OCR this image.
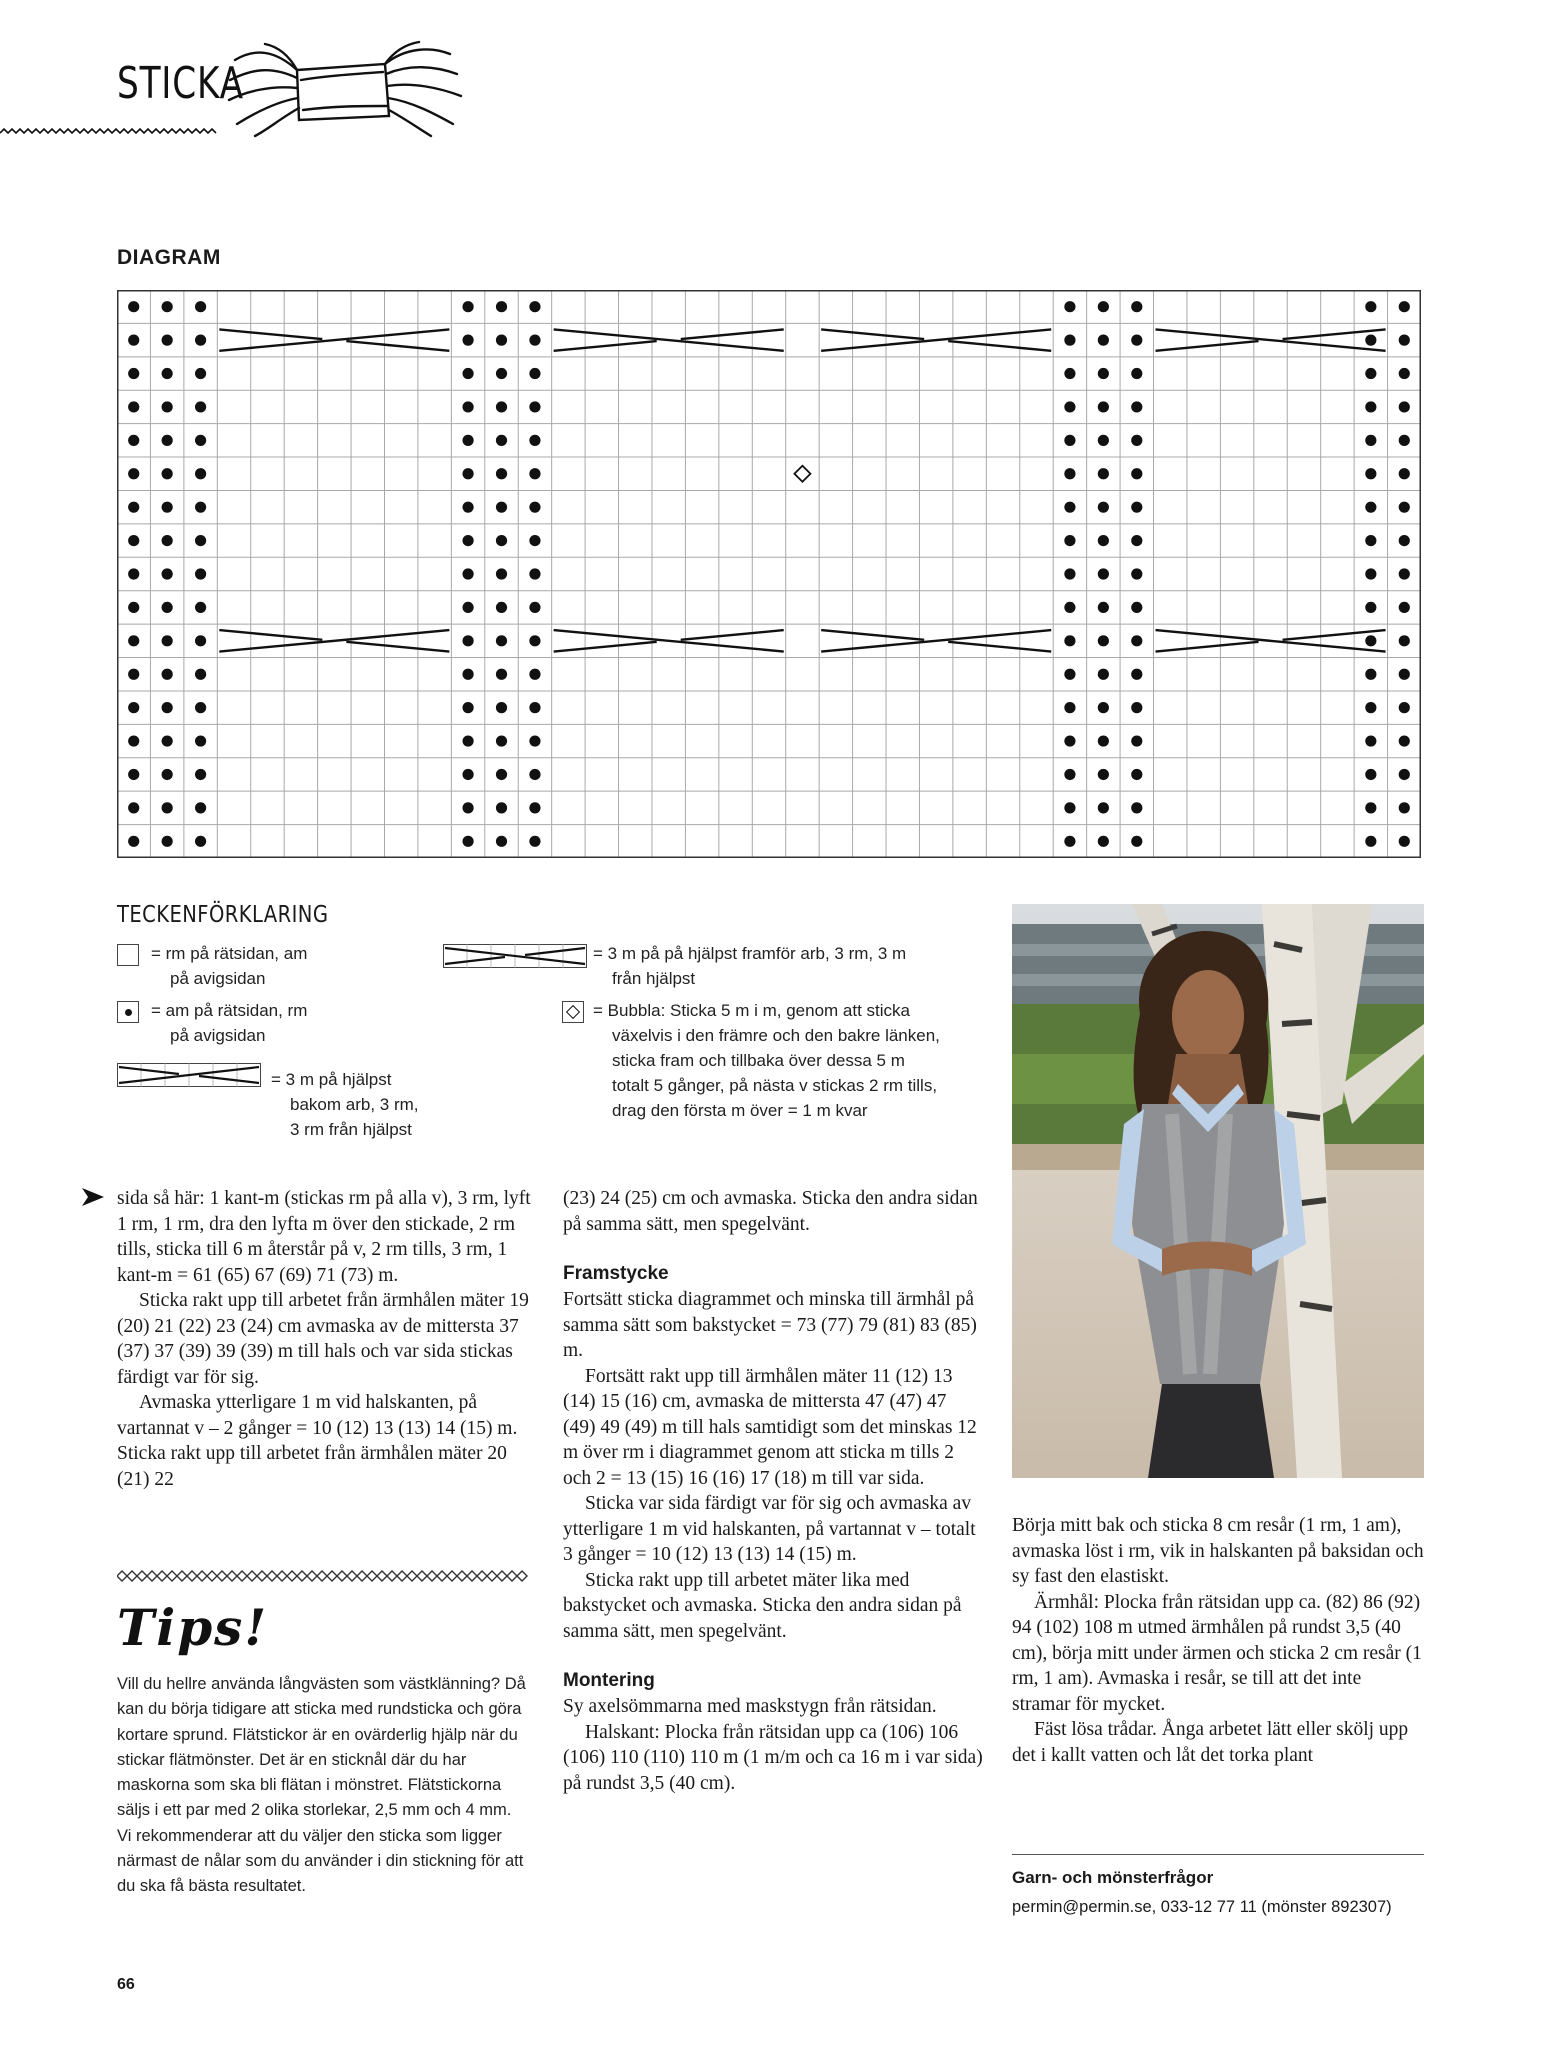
STICKA
DIAGRAM
TECKENFÖRKLARING
= rm på rätsidan, am
på avigsidan
= am på rätsidan, rm
på avigsidan
= 3 m på hjälpst
bakom arb, 3 rm,
3 rm från hjälpst
= 3 m på på hjälpst framför arb, 3 rm, 3 m
från hjälpst
= Bubbla: Sticka 5 m i m, genom att sticka
växelvis i den främre och den bakre länken,
sticka fram och tillbaka över dessa 5 m
totalt 5 gånger, på nästa v stickas 2 rm tills,
drag den första m över = 1 m kvar

sida så här: 1 kant-m (stickas rm på alla v), 3 rm, lyft 1 rm, 1 rm, dra den lyfta m över den stickade, 2 rm tills, sticka till 6 m återstår på v, 2 rm tills, 3 rm, 1 kant-m = 61 (65) 67 (69) 71 (73) m.

Sticka rakt upp till arbetet från ärmhålen mäter 19 (20) 21 (22) 23 (24) cm avmaska av de mittersta 37 (37) 37 (39) 39 (39) m till hals och var sida stickas färdigt var för sig.

Avmaska ytterligare 1 m vid halskanten, på vartannat v – 2 gånger = 10 (12) 13 (13) 14 (15) m. Sticka rakt upp till arbetet från ärmhålen mäter 20 (21) 22

Tips!
Vill du hellre använda långvästen som västklänning? Då kan du börja tidigare att sticka med rundsticka och göra kortare sprund. Flätstickor är en ovärderlig hjälp när du stickar flätmönster. Det är en sticknål där du har maskorna som ska bli flätan i mönstret. Flätstickorna säljs i ett par med 2 olika storlekar, 2,5 mm och 4 mm. Vi rekommenderar att du väljer den sticka som ligger närmast de nålar som du använder i din stickning för att du ska få bästa resultatet.

(23) 24 (25) cm och avmaska. Sticka den andra sidan på samma sätt, men spegelvänt.

Framstycke

Fortsätt sticka diagrammet och minska till ärmhål på samma sätt som bakstycket = 73 (77) 79 (81) 83 (85) m.

Fortsätt rakt upp till ärmhålen mäter 11 (12) 13 (14) 15 (16) cm, avmaska de mittersta 47 (47) 47 (49) 49 (49) m till hals samtidigt som det minskas 12 m över rm i diagrammet genom att sticka m tills 2 och 2 = 13 (15) 16 (16) 17 (18) m till var sida.

Sticka var sida färdigt var för sig och avmaska av ytterligare 1 m vid halskanten, på vartannat v – totalt 3 gånger = 10 (12) 13 (13) 14 (15) m.

Sticka rakt upp till arbetet mäter lika med bakstycket och avmaska. Sticka den andra sidan på samma sätt, men spegelvänt.

Montering

Sy axelsömmarna med maskstygn från rätsidan.

Halskant: Plocka från rätsidan upp ca (106) 106 (106) 110 (110) 110 m (1 m/m och ca 16 m i var sida) på rundst 3,5 (40 cm).

Börja mitt bak och sticka 8 cm resår (1 rm, 1 am), avmaska löst i rm, vik in halskanten på baksidan och sy fast den elastiskt.

Ärmhål: Plocka från rätsidan upp ca. (82) 86 (92) 94 (102) 108 m utmed ärmhålen på rundst 3,5 (40 cm), börja mitt under ärmen och sticka 2 cm resår (1 rm, 1 am). Avmaska i resår, se till att det inte stramar för mycket.

Fäst lösa trådar. Ånga arbetet lätt eller skölj upp det i kallt vatten och låt det torka plant

Garn- och mönsterfrågor
permin@permin.se, 033-12 77 11 (mönster 892307)
66
